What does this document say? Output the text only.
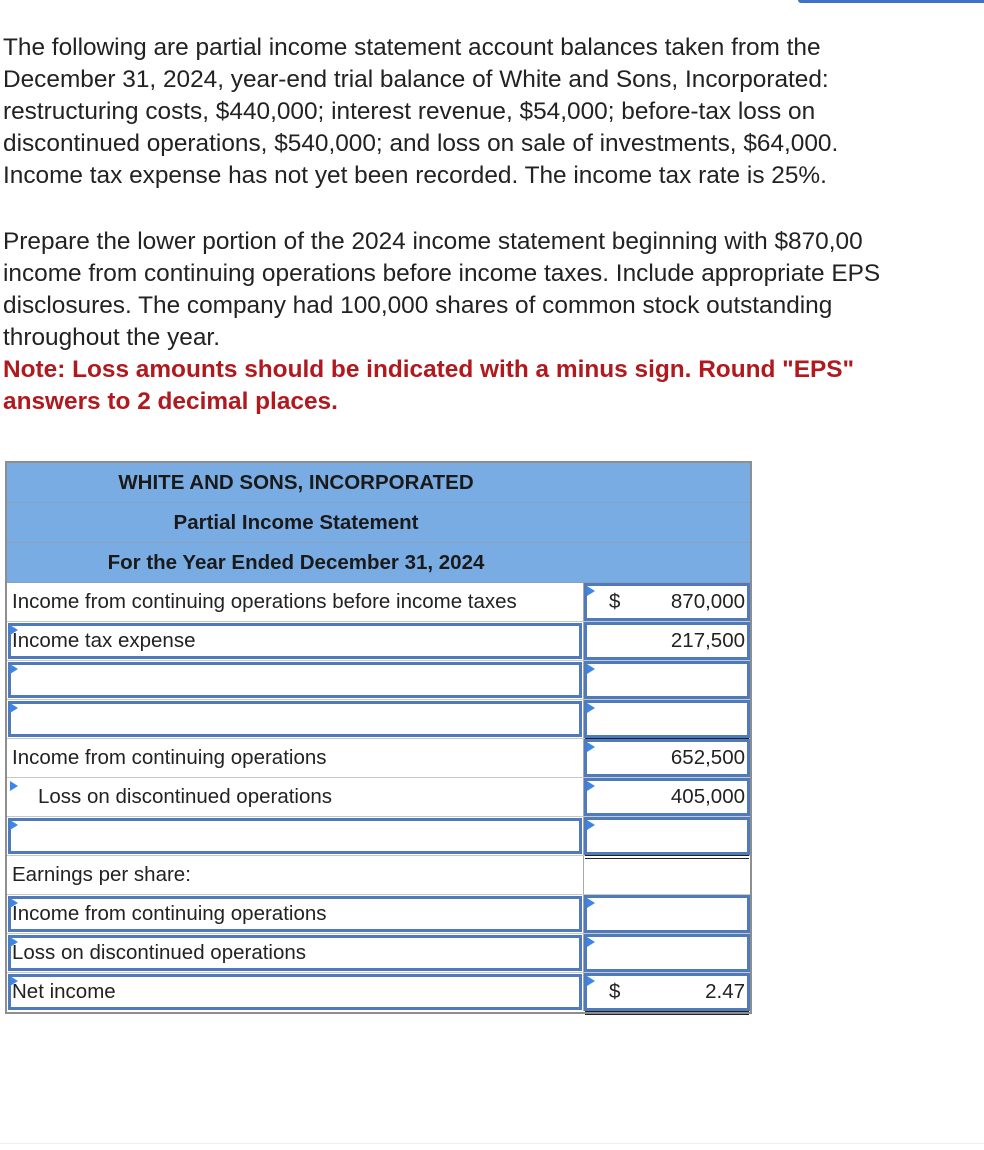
The following are partial income statement account balances taken from the
December 31, 2024, year-end trial balance of White and Sons, Incorporated:
restructuring costs, $440,000; interest revenue, $54,000; before-tax loss on
discontinued operations, $540,000; and loss on sale of investments, $64,000.
Income tax expense has not yet been recorded. The income tax rate is 25%.

Prepare the lower portion of the 2024 income statement beginning with $870,00
income from continuing operations before income taxes. Include appropriate EPS
disclosures. The company had 100,000 shares of common stock outstanding
throughout the year.
Note: Loss amounts should be indicated with a minus sign. Round "EPS"
answers to 2 decimal places.

WHITE AND SONS, INCORPORATED
Partial Income Statement
For the Year Ended December 31, 2024
Income from continuing operations before income taxes	$ 870,000
Income tax expense	217,500
Income from continuing operations	652,500
Loss on discontinued operations	405,000
Earnings per share:
Income from continuing operations
Loss on discontinued operations
Net income	$	2.47
